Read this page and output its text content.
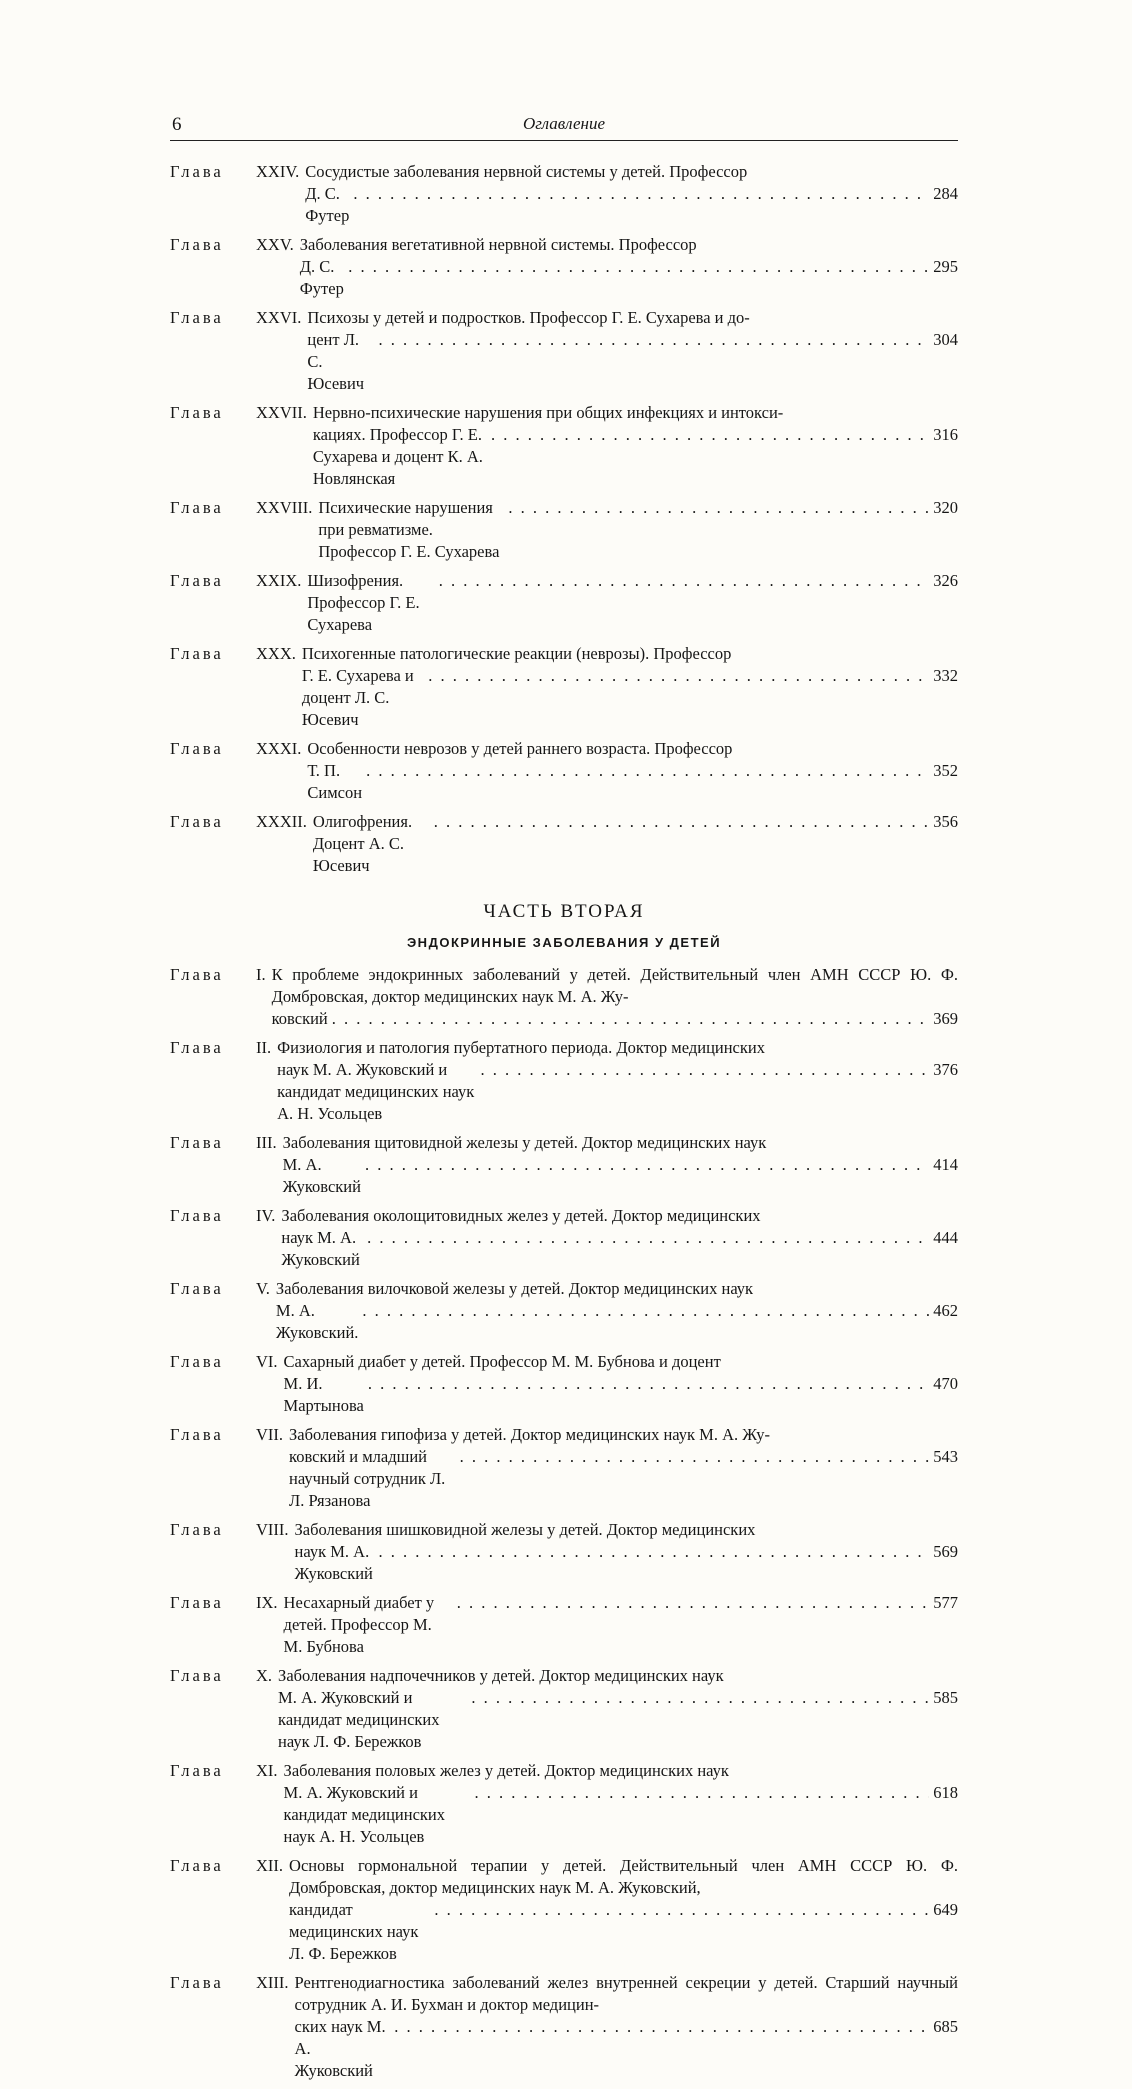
6	Оглавление
Глава	XXIV. Сосудистые заболевания нервной системы у детей. Профессор
Д. С. Футер
. . .
284
Глава	XXV. Заболевания вегетативной нервной системы. Профессор
Д. С. Футер
. . .
295
Глава	XXVI. Психозы у детей и подростков. Профессор Г. Е. Сухарева и до-
цент Л. С. Юсевич
. . .
304
Глава	XXVII. Нервно-психические нарушения при общих инфекциях и интокси-
кациях. Профессор Г. Е. Сухарева и доцент К. А. Новлянская
. . .
316
Глава	XXVIII. Психические нарушения при ревматизме. Профессор Г. Е. Сухарева
. . .
320
Глава	XXIX. Шизофрения. Профессор Г. Е. Сухарева
. . .
326
Глава	XXX. Психогенные патологические реакции (неврозы). Профессор
Г. Е. Сухарева и доцент Л. С. Юсевич
. . .
332
Глава	XXXI. Особенности неврозов у детей раннего возраста. Профессор
Т. П. Симсон
. . .
352
Глава	XXXII. Олигофрения. Доцент А. С. Юсевич
. . .
356
ЧАСТЬ ВТОРАЯ
ЭНДОКРИННЫЕ ЗАБОЛЕВАНИЯ У ДЕТЕЙ
Глава	I. К проблеме эндокринных заболеваний у детей. Действительный член АМН СССР Ю. Ф. Домбровская, доктор медицинских наук М. А. Жу-
ковский
. . .	369
Глава	II. Физиология и патология пубертатного периода. Доктор медицинских
наук М. А. Жуковский и кандидат медицинских наук А. Н. Усольцев
. . .
376
Глава	III. Заболевания щитовидной железы у детей. Доктор медицинских наук
М. А. Жуковский
. . .
414
Глава	IV. Заболевания околощитовидных желез у детей. Доктор медицинских
наук М. А. Жуковский
. . .
444
Глава	V. Заболевания вилочковой железы у детей. Доктор медицинских наук
М. А. Жуковский.
. . .
462
Глава	VI. Сахарный диабет у детей. Профессор М. М. Бубнова и доцент
М. И. Мартынова
. . .
470
Глава	VII. Заболевания гипофиза у детей. Доктор медицинских наук М. А. Жу-
ковский и младший научный сотрудник Л. Л. Рязанова
. . .
543
Глава	VIII. Заболевания шишковидной железы у детей. Доктор медицинских
наук М. А. Жуковский
. . .
569
Глава	IX. Несахарный диабет у детей. Профессор М. М. Бубнова
. . .
577
Глава	X. Заболевания надпочечников у детей. Доктор медицинских наук
М. А. Жуковский и кандидат медицинских наук Л. Ф. Бережков
. . .
585
Глава	XI. Заболевания половых желез у детей. Доктор медицинских наук
М. А. Жуковский и кандидат медицинских наук А. Н. Усольцев
. . .
618
Глава	XII. Основы гормональной терапии у детей. Действительный член АМН СССР Ю. Ф. Домбровская, доктор медицинских наук М. А. Жуковский,
кандидат медицинских наук Л. Ф. Бережков
. . .
649
Глава	XIII. Рентгенодиагностика заболеваний желез внутренней секреции у детей. Старший научный сотрудник А. И. Бухман и доктор медицин-
ских наук М. А. Жуковский
. . .
685
